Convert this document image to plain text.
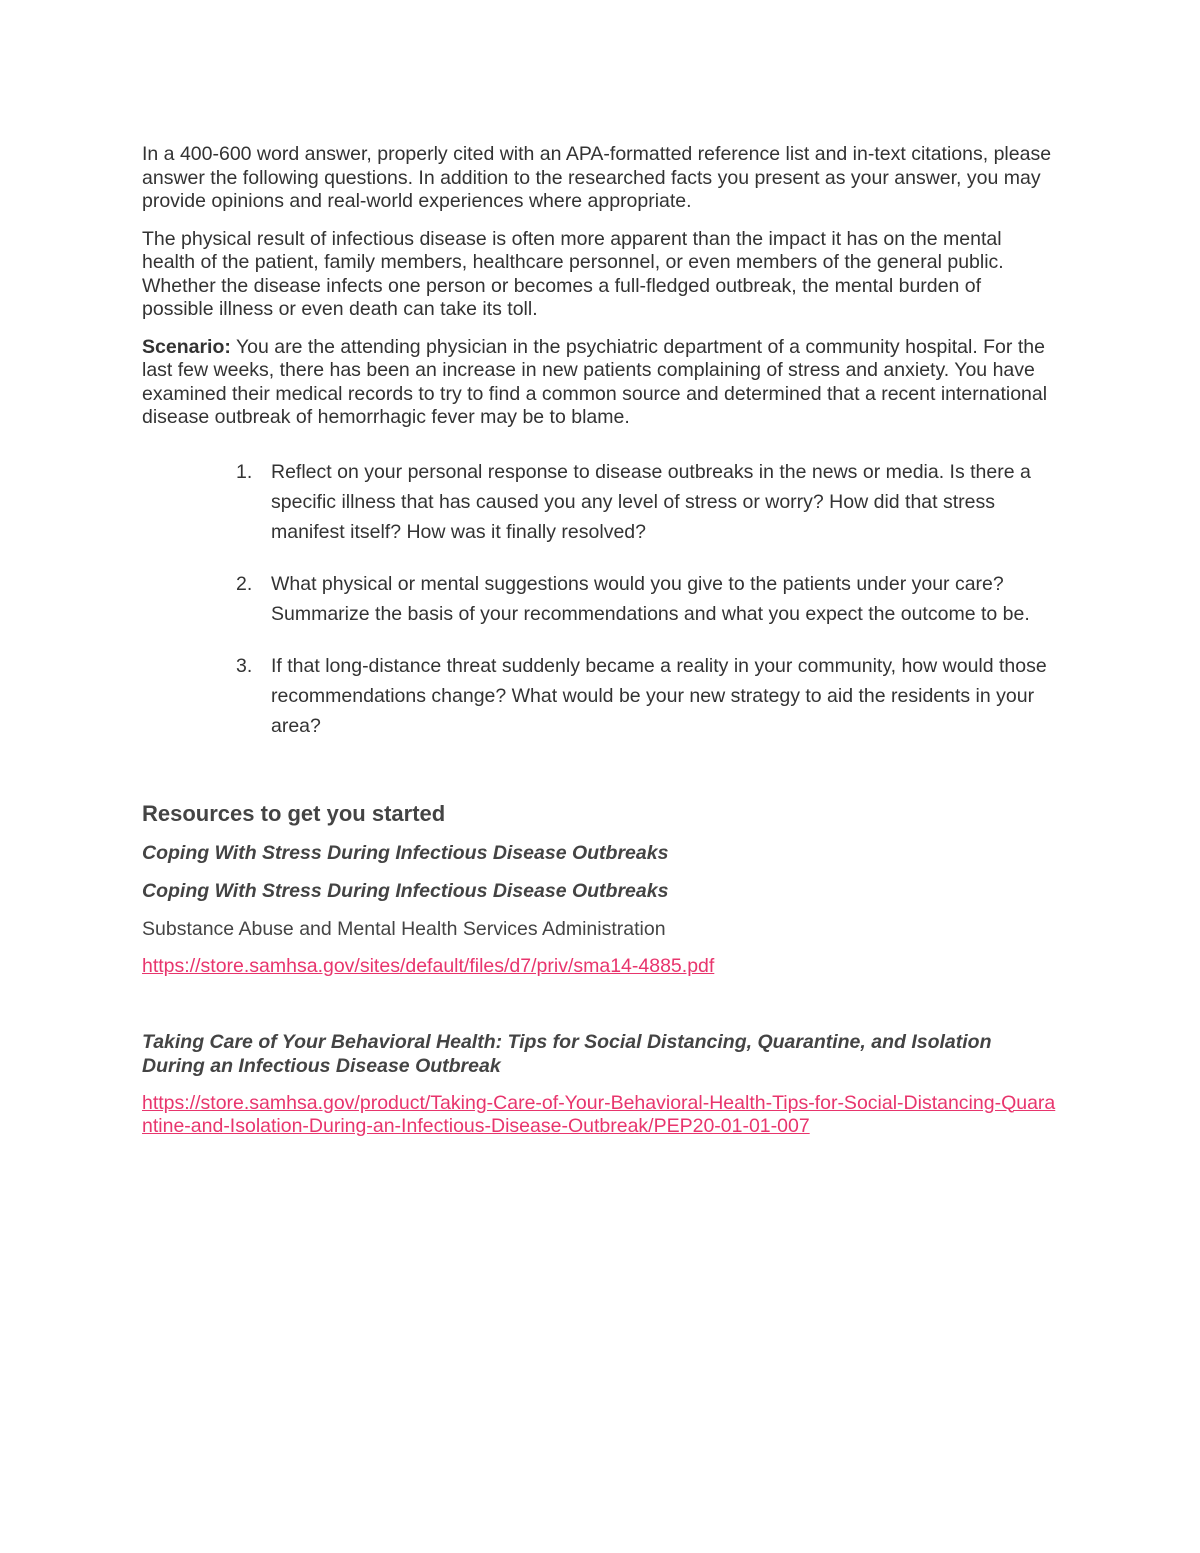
In a 400-600 word answer, properly cited with an APA-formatted reference list and in-text citations, please answer the following questions. In addition to the researched facts you present as your answer, you may provide opinions and real-world experiences where appropriate.

The physical result of infectious disease is often more apparent than the impact it has on the mental health of the patient, family members, healthcare personnel, or even members of the general public. Whether the disease infects one person or becomes a full-fledged outbreak, the mental burden of possible illness or even death can take its toll.

Scenario: You are the attending physician in the psychiatric department of a community hospital. For the last few weeks, there has been an increase in new patients complaining of stress and anxiety. You have examined their medical records to try to find a common source and determined that a recent international disease outbreak of hemorrhagic fever may be to blame.

1. Reflect on your personal response to disease outbreaks in the news or media. Is there a specific illness that has caused you any level of stress or worry? How did that stress manifest itself? How was it finally resolved?
2. What physical or mental suggestions would you give to the patients under your care? Summarize the basis of your recommendations and what you expect the outcome to be.
3. If that long-distance threat suddenly became a reality in your community, how would those recommendations change? What would be your new strategy to aid the residents in your area?

Resources to get you started

Coping With Stress During Infectious Disease Outbreaks

Coping With Stress During Infectious Disease Outbreaks

Substance Abuse and Mental Health Services Administration

https://store.samhsa.gov/sites/default/files/d7/priv/sma14-4885.pdf

Taking Care of Your Behavioral Health: Tips for Social Distancing, Quarantine, and Isolation During an Infectious Disease Outbreak

https://store.samhsa.gov/product/Taking-Care-of-Your-Behavioral-Health-Tips-for-Social-Distancing-Quarantine-and-Isolation-During-an-Infectious-Disease-Outbreak/PEP20-01-01-007
